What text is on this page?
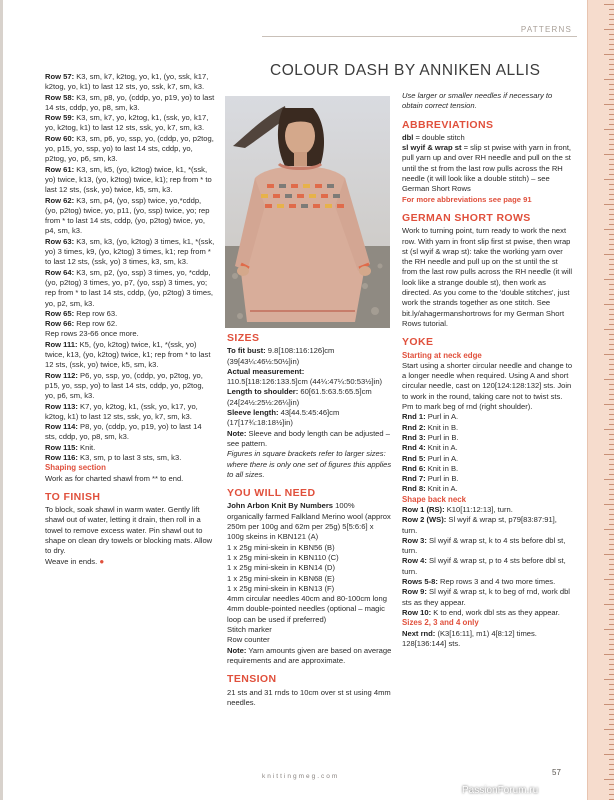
PATTERNS
COLOUR DASH BY ANNIKEN ALLIS

Row 57: K3, sm, k7, k2tog, yo, k1, (yo, ssk, k17, k2tog, yo, k1) to last 12 sts, yo, ssk, k7, sm, k3.

Row 58: K3, sm, p8, yo, (cddp, yo, p19, yo) to last 14 sts, cddp, yo, p8, sm, k3.

Row 59: K3, sm, k7, yo, k2tog, k1, (ssk, yo, k17, yo, k2tog, k1) to last 12 sts, ssk, yo, k7, sm, k3.

Row 60: K3, sm, p6, yo, ssp, yo, (cddp, yo, p2tog, yo, p15, yo, ssp, yo) to last 14 sts, cddp, yo, p2tog, yo, p6, sm, k3.

Row 61: K3, sm, k5, (yo, k2tog) twice, k1, *(ssk, yo) twice, k13, (yo, k2tog) twice, k1); rep from * to last 12 sts, (ssk, yo) twice, k5, sm, k3.

Row 62: K3, sm, p4, (yo, ssp) twice, yo,*cddp, (yo, p2tog) twice, yo, p11, (yo, ssp) twice, yo; rep from * to last 14 sts, cddp, (yo, p2tog) twice, yo, p4, sm, k3.

Row 63: K3, sm, k3, (yo, k2tog) 3 times, k1, *(ssk, yo) 3 times, k9, (yo, k2tog) 3 times, k1; rep from * to last 12 sts, (ssk, yo) 3 times, k3, sm, k3.

Row 64: K3, sm, p2, (yo, ssp) 3 times, yo, *cddp, (yo, p2tog) 3 times, yo, p7, (yo, ssp) 3 times, yo; rep from * to last 14 sts, cddp, (yo, p2tog) 3 times, yo, p2, sm, k3.

Row 65: Rep row 63.

Row 66: Rep row 62.

Rep rows 23-66 once more.

Row 111: K5, (yo, k2tog) twice, k1, *(ssk, yo) twice, k13, (yo, k2tog) twice, k1; rep from * to last 12 sts, (ssk, yo) twice, k5, sm, k3.

Row 112: P6, yo, ssp, yo, (cddp, yo, p2tog, yo, p15, yo, ssp, yo) to last 14 sts, cddp, yo, p2tog, yo, p6, sm, k3.

Row 113: K7, yo, k2tog, k1, (ssk, yo, k17, yo, k2tog, k1) to last 12 sts, ssk, yo, k7, sm, k3.

Row 114: P8, yo, (cddp, yo, p19, yo) to last 14 sts, cddp, yo, p8, sm, k3.

Row 115: Knit.

Row 116: K3, sm, p to last 3 sts, sm, k3.

Shaping section

Work as for charted shawl from ** to end.

TO FINISH

To block, soak shawl in warm water. Gently lift shawl out of water, letting it drain, then roll in a towel to remove excess water. Pin shawl out to shape on clean dry towels or blocking mats. Allow to dry.

Weave in ends. ●

SIZES

To fit bust: 9.8[108:116:126]cm (39[43¼:46½:50½]in)

Actual measurement:

110.5[118:126:133.5]cm (44¼:47¼:50:53½]in)

Length to shoulder: 60[61.5:63.5:65.5]cm (24[24½:25½:26¼]in)

Sleeve length: 43[44.5:45:46]cm (17[17¾:18:18½]in)

Note: Sleeve and body length can be adjusted – see pattern.

Figures in square brackets refer to larger sizes: where there is only one set of figures this applies to all sizes.

YOU WILL NEED

John Arbon Knit By Numbers 100% organically farmed Falkland Merino wool (approx 250m per 100g and 62m per 25g) 5[5:6:6] x 100g skeins in KBN121 (A)

1 x 25g mini-skein in KBN56 (B)

1 x 25g mini-skein in KBN110 (C)

1 x 25g mini-skein in KBN14 (D)

1 x 25g mini-skein in KBN68 (E)

1 x 25g mini-skein in KBN13 (F)

4mm circular needles 40cm and 80-100cm long

4mm double-pointed needles (optional – magic loop can be used if preferred)

Stitch marker

Row counter

Note: Yarn amounts given are based on average requirements and are approximate.

TENSION

21 sts and 31 rnds to 10cm over st st using 4mm needles.

Use larger or smaller needles if necessary to obtain correct tension.

ABBREVIATIONS

dbl = double stitch

sl wyif & wrap st = slip st pwise with yarn in front, pull yarn up and over RH needle and pull on the st until the st from the last row pulls across the RH needle (it will look like a double stitch) – see German Short Rows

For more abbreviations see page 91

GERMAN SHORT ROWS

Work to turning point, turn ready to work the next row. With yarn in front slip first st pwise, then wrap st (sl wyif & wrap st): take the working yarn over the RH needle and pull up on the st until the st from the last row pulls across the RH needle (it will look like a strange double st), then work as directed. As you come to the 'double stitches', just work the strands together as one stitch. See bit.ly/ahagermanshortrows for my German Short Rows tutorial.

YOKE

Starting at neck edge

Start using a shorter circular needle and change to a longer needle when required. Using A and short circular needle, cast on 120[124:128:132] sts. Join to work in the round, taking care not to twist sts. Pm to mark beg of rnd (right shoulder).

Rnd 1: Purl in A.

Rnd 2: Knit in B.

Rnd 3: Purl in B.

Rnd 4: Knit in A.

Rnd 5: Purl in A.

Rnd 6: Knit in B.

Rnd 7: Purl in B.

Rnd 8: Knit in A.

Shape back neck

Row 1 (RS): K10[11:12:13], turn.

Row 2 (WS): Sl wyif & wrap st, p79[83:87:91], turn.

Row 3: Sl wyif & wrap st, k to 4 sts before dbl st, turn.

Row 4: Sl wyif & wrap st, p to 4 sts before dbl st, turn.

Rows 5-8: Rep rows 3 and 4 two more times.

Row 9: Sl wyif & wrap st, k to beg of rnd, work dbl sts as they appear.

Row 10: K to end, work dbl sts as they appear.

Sizes 2, 3 and 4 only

Next rnd: (K3[16:11], m1) 4[8:12] times. 128[136:144] sts.

knittingmeg.com	57
PassionForum.ru
